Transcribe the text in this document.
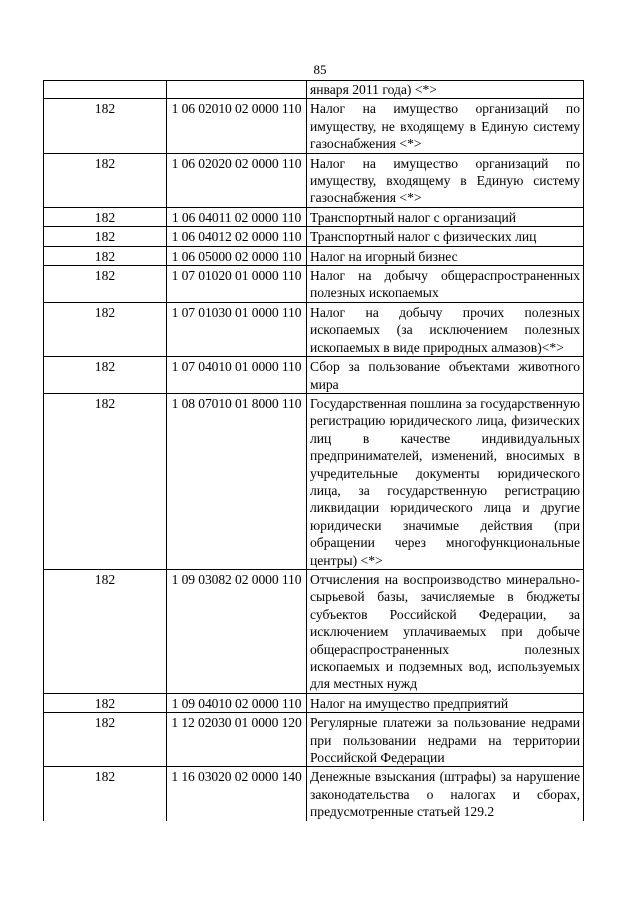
85
		января 2011 года) <*>
182	1 06 02010 02 0000 110	Налог на имущество организаций по имуществу, не входящему в Единую систему газоснабжения <*>
182	1 06 02020 02 0000 110	Налог на имущество организаций по имуществу, входящему в Единую систему газоснабжения <*>
182	1 06 04011 02 0000 110	Транспортный налог с организаций
182	1 06 04012 02 0000 110	Транспортный налог с физических лиц
182	1 06 05000 02 0000 110	Налог на игорный бизнес
182	1 07 01020 01 0000 110	Налог на добычу общераспространенных полезных ископаемых
182	1 07 01030 01 0000 110	Налог на добычу прочих полезных ископаемых (за исключением полезных ископаемых в виде природных алмазов)<*>
182	1 07 04010 01 0000 110	Сбор за пользование объектами животного мира
182	1 08 07010 01 8000 110	Государственная пошлина за государственную регистрацию юридического лица, физических лиц в качестве индивидуальных предпринимателей, изменений, вносимых в учредительные документы юридического лица, за государственную регистрацию ликвидации юридического лица и другие юридически значимые действия (при обращении через многофункциональные центры) <*>
182	1 09 03082 02 0000 110	Отчисления на воспроизводство минерально-сырьевой базы, зачисляемые в бюджеты субъектов Российской Федерации, за исключением уплачиваемых при добыче общераспространенных полезных ископаемых и подземных вод, используемых для местных нужд
182	1 09 04010 02 0000 110	Налог на имущество предприятий
182	1 12 02030 01 0000 120	Регулярные платежи за пользование недрами при пользовании недрами на территории Российской Федерации
182	1 16 03020 02 0000 140	Денежные взыскания (штрафы) за нарушение законодательства о налогах и сборах, предусмотренные статьей 129.2
